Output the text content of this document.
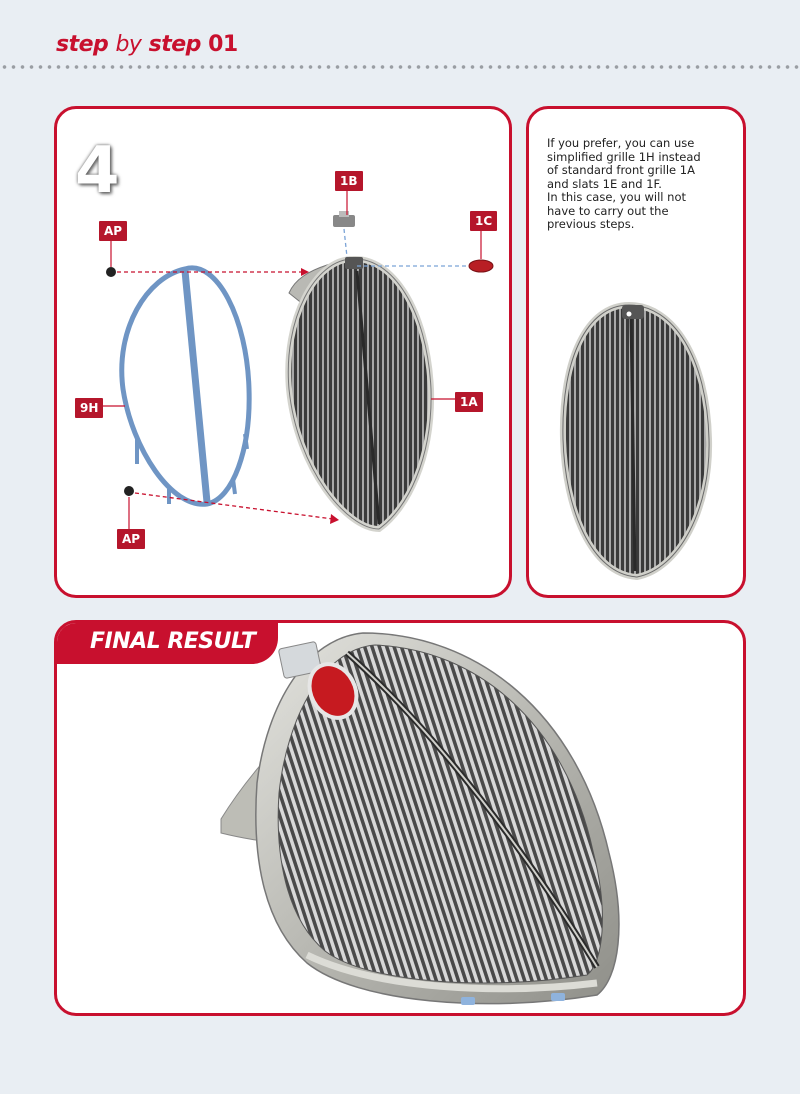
step by step 01
4
AP
1B
1C
9H	1A
AP
If you prefer, you can use
simplified grille 1H instead
of standard front grille 1A
and slats 1E and 1F.
In this case, you will not
have to carry out the
previous steps.
FINAL RESULT
